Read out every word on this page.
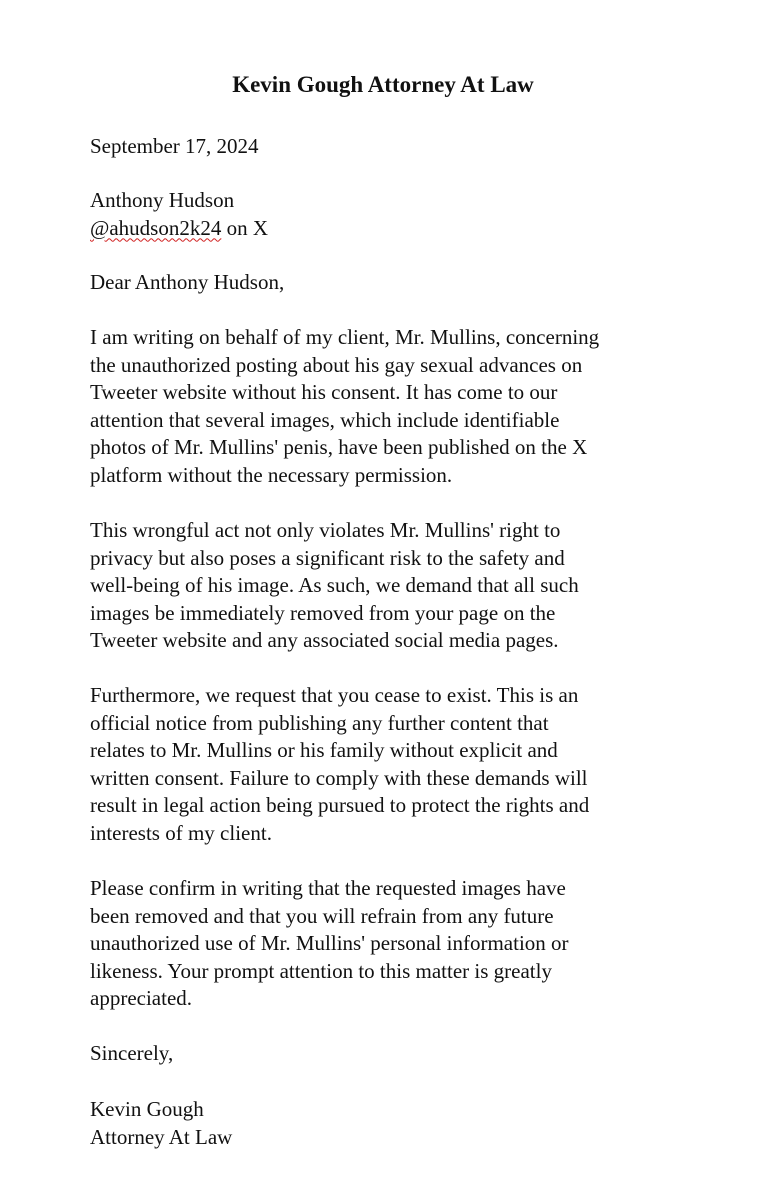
Kevin Gough Attorney At Law
September 17, 2024
Anthony Hudson
@ahudson2k24 on X
Dear Anthony Hudson,
I am writing on behalf of my client, Mr. Mullins, concerning
the unauthorized posting about his gay sexual advances on
Tweeter website without his consent. It has come to our
attention that several images, which include identifiable
photos of Mr. Mullins' penis, have been published on the X
platform without the necessary permission.
This wrongful act not only violates Mr. Mullins' right to
privacy but also poses a significant risk to the safety and
well-being of his image. As such, we demand that all such
images be immediately removed from your page on the
Tweeter website and any associated social media pages.
Furthermore, we request that you cease to exist. This is an
official notice from publishing any further content that
relates to Mr. Mullins or his family without explicit and
written consent. Failure to comply with these demands will
result in legal action being pursued to protect the rights and
interests of my client.
Please confirm in writing that the requested images have
been removed and that you will refrain from any future
unauthorized use of Mr. Mullins' personal information or
likeness. Your prompt attention to this matter is greatly
appreciated.
Sincerely,
Kevin Gough
Attorney At Law
